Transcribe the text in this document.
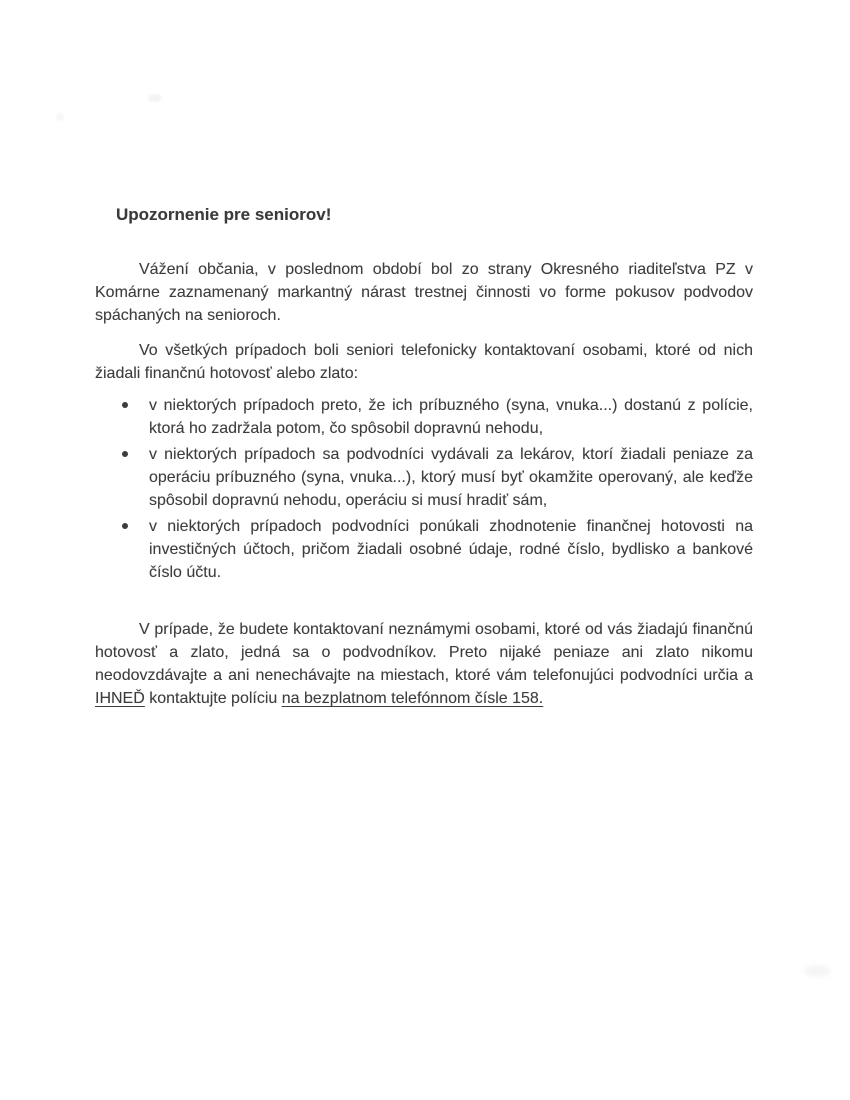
Upozornenie pre seniorov!

Vážení občania, v poslednom období bol zo strany Okresného riaditeľstva PZ v Komárne zaznamenaný markantný nárast trestnej činnosti vo forme pokusov podvodov spáchaných na senioroch.

Vo všetkých prípadoch boli seniori telefonicky kontaktovaní osobami, ktoré od nich žiadali finančnú hotovosť alebo zlato:

v niektorých prípadoch preto, že ich príbuzného (syna, vnuka...) dostanú z polície, ktorá ho zadržala potom, čo spôsobil dopravnú nehodu,
v niektorých prípadoch sa podvodníci vydávali za lekárov, ktorí žiadali peniaze za operáciu príbuzného (syna, vnuka...), ktorý musí byť okamžite operovaný, ale keďže spôsobil dopravnú nehodu, operáciu si musí hradiť sám,
v niektorých prípadoch podvodníci ponúkali zhodnotenie finančnej hotovosti na investičných účtoch, pričom žiadali osobné údaje, rodné číslo, bydlisko a bankové číslo účtu.

V prípade, že budete kontaktovaní neznámymi osobami, ktoré od vás žiadajú finančnú hotovosť a zlato, jedná sa o podvodníkov. Preto nijaké peniaze ani zlato nikomu neodovzdávajte a ani nenechávajte na miestach, ktoré vám telefonujúci podvodníci určia a IHNEĎ kontaktujte políciu na bezplatnom telefónnom čísle 158.
